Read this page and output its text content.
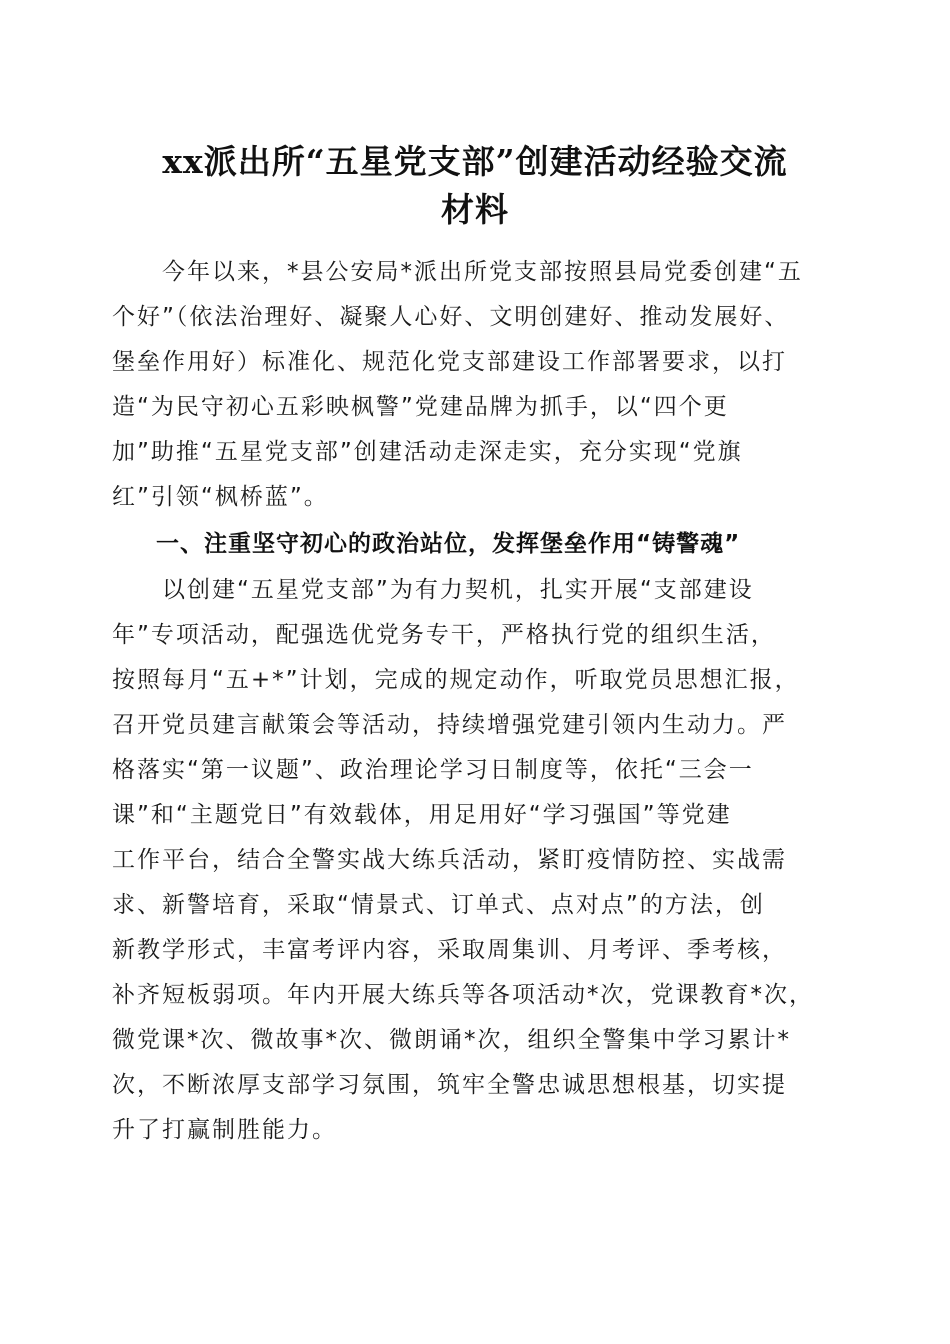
xx派出所“五星党支部”创建活动经验交流
材料

　　今年以来，*县公安局*派出所党支部按照县局党委创建“五
个好”（依法治理好、凝聚人心好、文明创建好、推动发展好、
堡垒作用好）标准化、规范化党支部建设工作部署要求，以打
造“为民守初心五彩映枫警”党建品牌为抓手，以“四个更
加”助推“五星党支部”创建活动走深走实，充分实现“党旗
红”引领“枫桥蓝”。

一、注重坚守初心的政治站位，发挥堡垒作用“铸警魂”

　　以创建“五星党支部”为有力契机，扎实开展“支部建设
年”专项活动，配强选优党务专干，严格执行党的组织生活，
按照每月“五+*”计划，完成的规定动作，听取党员思想汇报，
召开党员建言献策会等活动，持续增强党建引领内生动力。严
格落实“第一议题”、政治理论学习日制度等，依托“三会一
课”和“主题党日”有效载体，用足用好“学习强国”等党建
工作平台，结合全警实战大练兵活动，紧盯疫情防控、实战需
求、新警培育，采取“情景式、订单式、点对点”的方法，创
新教学形式，丰富考评内容，采取周集训、月考评、季考核，
补齐短板弱项。年内开展大练兵等各项活动*次，党课教育*次，
微党课*次、微故事*次、微朗诵*次，组织全警集中学习累计*
次，不断浓厚支部学习氛围，筑牢全警忠诚思想根基，切实提
升了打赢制胜能力。
